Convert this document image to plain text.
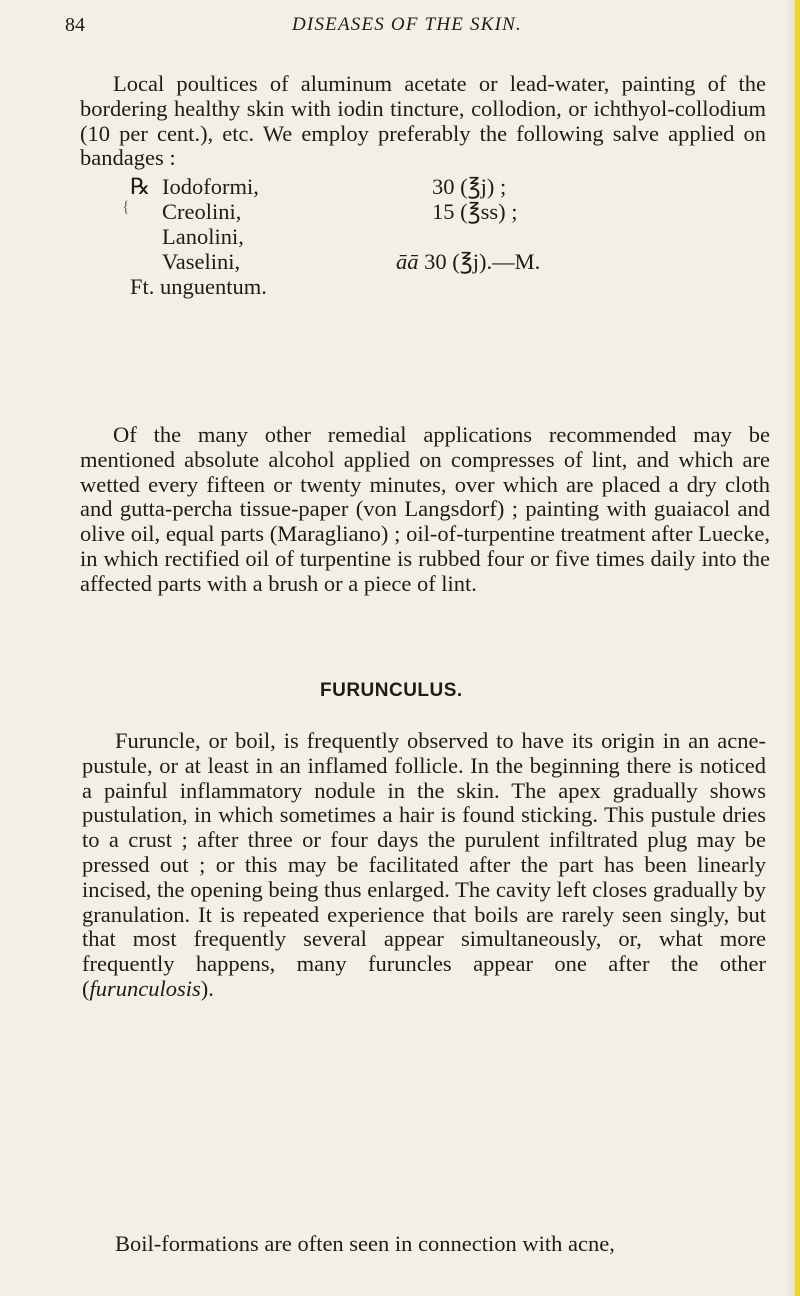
84	DISEASES OF THE SKIN.

Local poultices of aluminum acetate or lead-water, painting of the bordering healthy skin with iodin tincture, collodion, or ichthyol-collodium (10 per cent.), etc. We employ preferably the following salve applied on bandages :

℞ Iodoformi,	30 (℥j) ;
{ Creolini,	15 (℥ss) ;
Lanolini,
Vaselini,	āā 30 (℥j).—M.
Ft. unguentum.

Of the many other remedial applications recommended may be mentioned absolute alcohol applied on compresses of lint, and which are wetted every fifteen or twenty minutes, over which are placed a dry cloth and gutta-percha tissue-paper (von Langsdorf) ; painting with guaiacol and olive oil, equal parts (Maragliano) ; oil-of-turpentine treatment after Luecke, in which rectified oil of turpentine is rubbed four or five times daily into the affected parts with a brush or a piece of lint.

FURUNCULUS.

Furuncle, or boil, is frequently observed to have its origin in an acne-pustule, or at least in an inflamed follicle. In the beginning there is noticed a painful inflammatory nodule in the skin. The apex gradually shows pustulation, in which sometimes a hair is found sticking. This pustule dries to a crust ; after three or four days the purulent infiltrated plug may be pressed out ; or this may be facilitated after the part has been linearly incised, the opening being thus enlarged. The cavity left closes gradually by granulation. It is repeated experience that boils are rarely seen singly, but that most frequently several appear simultaneously, or, what more frequently happens, many furuncles appear one after the other (furunculosis).

Boil-formations are often seen in connection with acne,
